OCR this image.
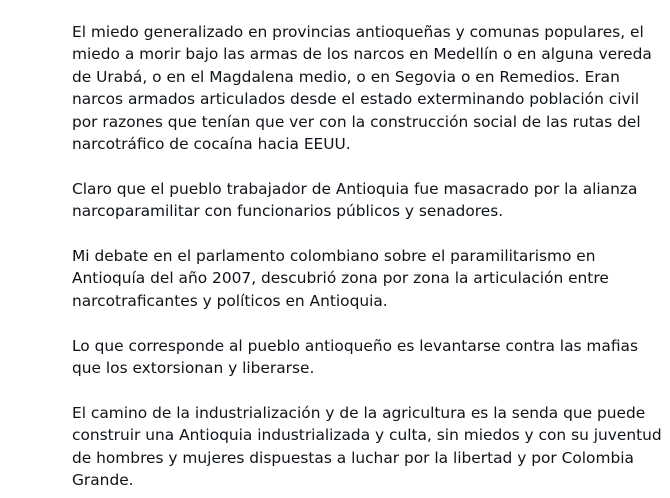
El miedo generalizado en provincias antioqueñas y comunas populares, el miedo a morir bajo las armas de los narcos en Medellín o en alguna vereda de Urabá, o en el Magdalena medio, o en Segovia o en Remedios. Eran narcos armados articulados desde el estado exterminando población civil por razones que tenían que ver con la construcción social de las rutas del narcotráfico de cocaína hacia EEUU.

Claro que el pueblo trabajador de Antioquia fue masacrado por la alianza narcoparamilitar con funcionarios públicos y senadores.

Mi debate en el parlamento colombiano sobre el paramilitarismo en Antioquía del año 2007, descubrió zona por zona la articulación entre narcotraficantes y políticos en Antioquia.

Lo que corresponde al pueblo antioqueño es levantarse contra las mafias que los extorsionan y liberarse.

El camino de la industrialización y de la agricultura es la senda que puede construir una Antioquia industrializada y culta, sin miedos y con su juventud de hombres y mujeres dispuestas a luchar por la libertad y por Colombia Grande.
